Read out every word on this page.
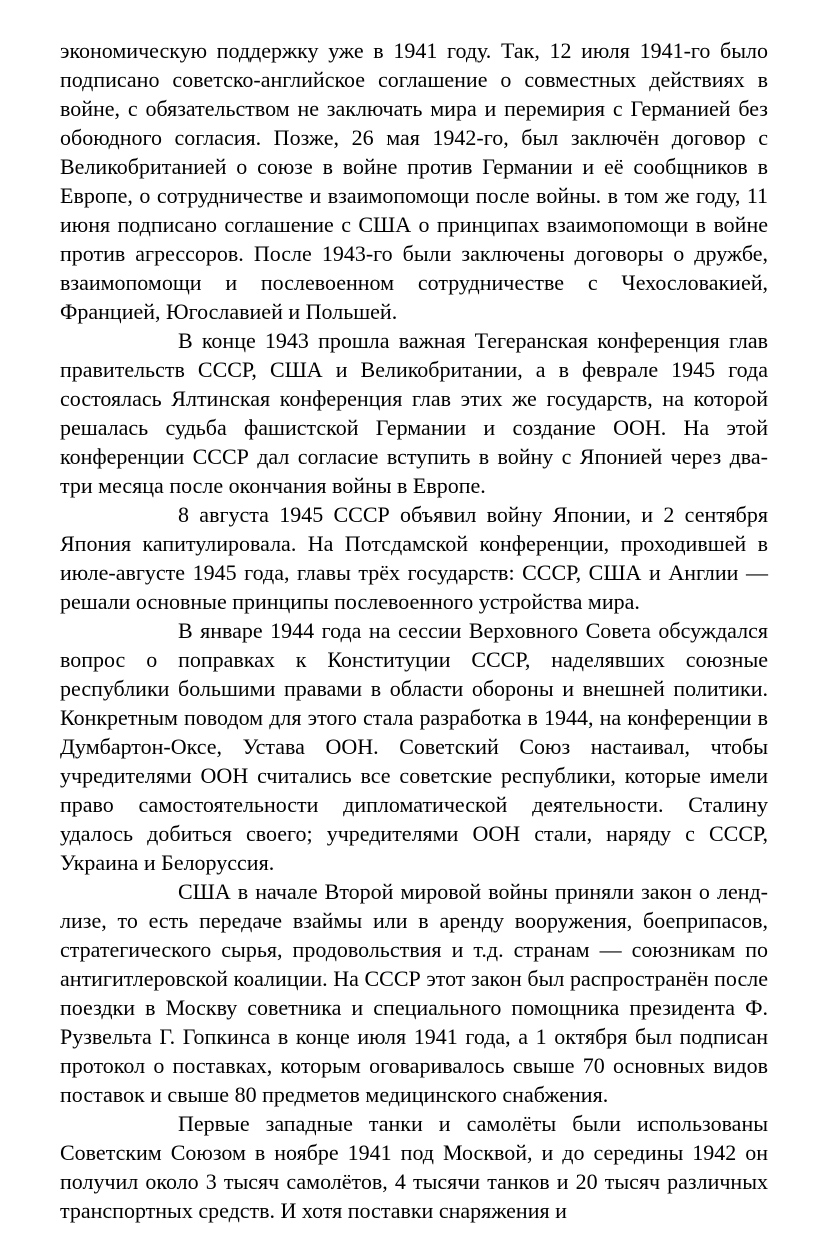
экономическую поддержку уже в 1941 году. Так, 12 июля 1941-го было подписано советско-английское соглашение о совместных действиях в войне, с обязательством не заключать мира и перемирия с Германией без обоюдного согласия. Позже, 26 мая 1942-го, был заключён договор с Великобританией о союзе в войне против Германии и её сообщников в Европе, о сотрудничестве и взаимопомощи после войны. в том же году, 11 июня подписано соглашение с США о принципах взаимопомощи в войне против агрессоров. После 1943-го были заключены договоры о дружбе, взаимопомощи и послевоенном сотрудничестве с Чехословакией, Францией, Югославией и Польшей.

В конце 1943 прошла важная Тегеранская конференция глав правительств СССР, США и Великобритании, а в феврале 1945 года состоялась Ялтинская конференция глав этих же государств, на которой решалась судьба фашистской Германии и создание ООН. На этой конференции СССР дал согласие вступить в войну с Японией через два-три месяца после окончания войны в Европе.

8 августа 1945 СССР объявил войну Японии, и 2 сентября Япония капитулировала. На Потсдамской конференции, проходившей в июле-августе 1945 года, главы трёх государств: СССР, США и Англии — решали основные принципы послевоенного устройства мира.

В январе 1944 года на сессии Верховного Совета обсуждался вопрос о поправках к Конституции СССР, наделявших союзные республики большими правами в области обороны и внешней политики. Конкретным поводом для этого стала разработка в 1944, на конференции в Думбартон-Оксе, Устава ООН. Советский Союз настаивал, чтобы учредителями ООН считались все советские республики, которые имели право самостоятельности дипломатической деятельности. Сталину удалось добиться своего; учредителями ООН стали, наряду с СССР, Украина и Белоруссия.

США в начале Второй мировой войны приняли закон о ленд-лизе, то есть передаче взаймы или в аренду вооружения, боеприпасов, стратегического сырья, продовольствия и т.д. странам — союзникам по антигитлеровской коалиции. На СССР этот закон был распространён после поездки в Москву советника и специального помощника президента Ф. Рузвельта Г. Гопкинса в конце июля 1941 года, а 1 октября был подписан протокол о поставках, которым оговаривалось свыше 70 основных видов поставок и свыше 80 предметов медицинского снабжения.

Первые западные танки и самолёты были использованы Советским Союзом в ноябре 1941 под Москвой, и до середины 1942 он получил около 3 тысяч самолётов, 4 тысячи танков и 20 тысяч различных транспортных средств. И хотя поставки снаряжения и
